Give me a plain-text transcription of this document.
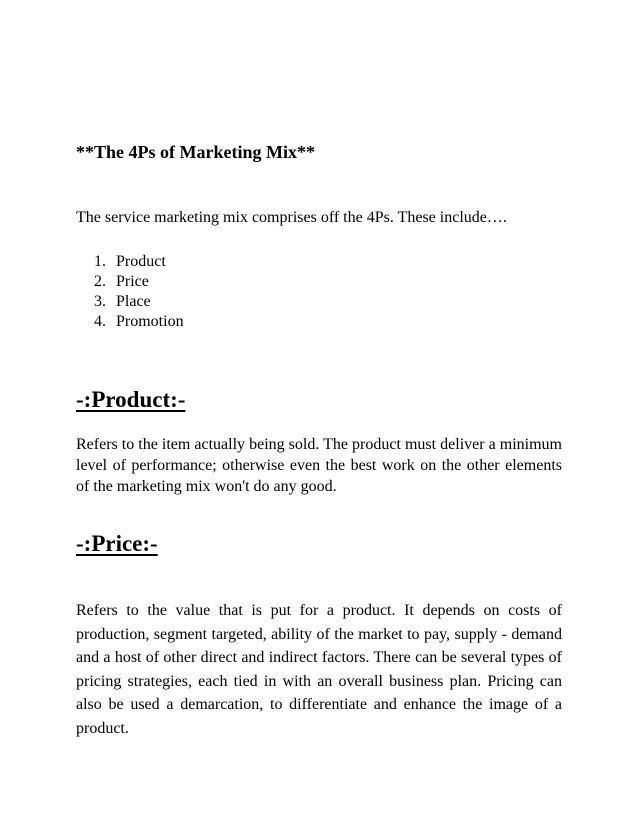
**The 4Ps of Marketing Mix**

The service marketing mix comprises off the 4Ps. These include….

1. Product
2. Price
3. Place
4. Promotion
-:Product:-

Refers to the item actually being sold. The product must deliver a minimum level of performance; otherwise even the best work on the other elements of the marketing mix won't do any good.

-:Price:-

Refers to the value that is put for a product. It depends on costs of production, segment targeted, ability of the market to pay, supply - demand and a host of other direct and indirect factors. There can be several types of pricing strategies, each tied in with an overall business plan. Pricing can also be used a demarcation, to differentiate and enhance the image of a product.
